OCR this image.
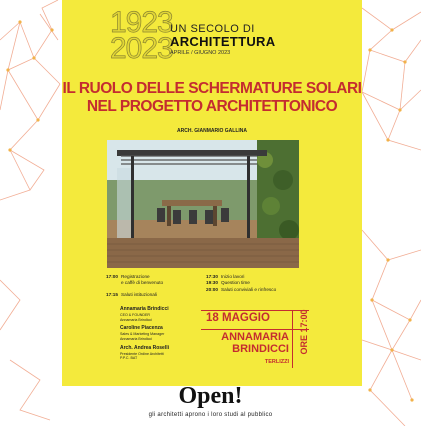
1923
2023
UN SECOLO DI
ARCHITETTURA
APRILE / GIUGNO 2023
IL RUOLO DELLE SCHERMATURE SOLARI
NEL PROGETTO ARCHITETTONICO
ARCH. GIANMARIO GALLINA
17:00 Registrazione
e caffè di benvenuto
17:15 Saluti istituzionali
Annamaria Brindicci
CEO & FOUNDER
Annamaria Brindicci
Caroline Piacenza
Sales & Marketing Manager
Annamaria Brindicci
Arch. Andrea Roselli
Presidente Ordine Architetti
P.P.C. BAT
17:30 Inizio lavori
19:30 Question time
20:00 Saluti conviviali e rinfresco
18 MAGGIO	ORE 17:00
ANNAMARIA
BRINDICCI
TERLIZZI
Open!
gli architetti aprono i loro studi al pubblico
